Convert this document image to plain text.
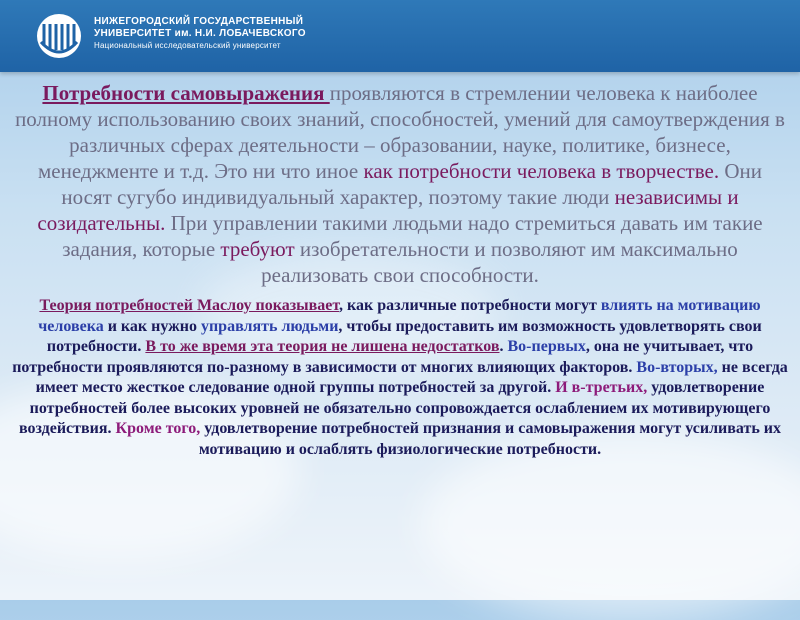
НИЖЕГОРОДСКИЙ ГОСУДАРСТВЕННЫЙ
УНИВЕРСИТЕТ им. Н.И. ЛОБАЧЕВСКОГО
Национальный исследовательский университет

Потребности самовыражения проявляются в стремлении человека к наиболее полному использованию своих знаний, способностей, умений для самоутверждения в различных сферах деятельности – образовании, науке, политике, бизнесе, менеджменте и т.д. Это ни что иное как потребности человека в творчестве. Они носят сугубо индивидуальный характер, поэтому такие люди независимы и созидательны. При управлении такими людьми надо стремиться давать им такие задания, которые требуют изобретательности и позволяют им максимально реализовать свои способности.

Теория потребностей Маслоу показывает, как различные потребности могут влиять на мотивацию человека и как нужно управлять людьми, чтобы предоставить им возможность удовлетворять свои потребности. В то же время эта теория не лишена недостатков. Во-первых, она не учитывает, что потребности проявляются по-разному в зависимости от многих влияющих факторов. Во-вторых, не всегда имеет место жесткое следование одной группы потребностей за другой. И в-третьих, удовлетворение потребностей более высоких уровней не обязательно сопровождается ослаблением их мотивирующего воздействия. Кроме того, удовлетворение потребностей признания и самовыражения могут усиливать их мотивацию и ослаблять физиологические потребности.
